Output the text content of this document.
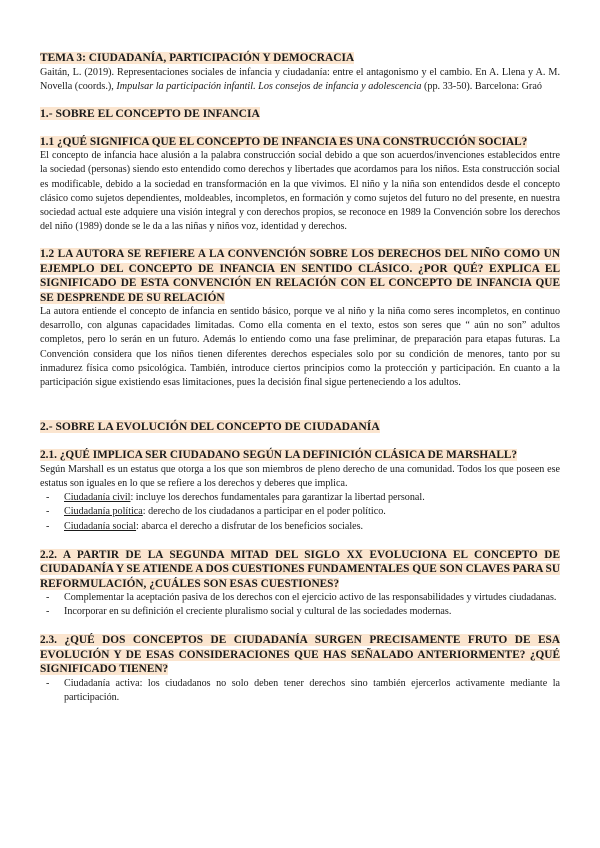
TEMA 3: CIUDADANÍA, PARTICIPACIÓN Y DEMOCRACIA

Gaitán, L. (2019). Representaciones sociales de infancia y ciudadanía: entre el antagonismo y el cambio. En A. Llena y A. M. Novella (coords.), Impulsar la participación infantil. Los consejos de infancia y adolescencia (pp. 33-50). Barcelona: Graó

1.- SOBRE EL CONCEPTO DE INFANCIA

1.1 ¿QUÉ SIGNIFICA QUE EL CONCEPTO DE INFANCIA ES UNA CONSTRUCCIÓN SOCIAL?

El concepto de infancia hace alusión a la palabra construcción social debido a que son acuerdos/invenciones establecidos entre la sociedad (personas) siendo esto entendido como derechos y libertades que acordamos para los niños. Esta construcción social es modificable, debido a la sociedad en transformación en la que vivimos. El niño y la niña son entendidos desde el concepto clásico como sujetos dependientes, moldeables, incompletos, en formación y como sujetos del futuro no del presente, en nuestra sociedad actual este adquiere una visión integral y con derechos propios, se reconoce en 1989 la Convención sobre los derechos del niño (1989) donde se le da a las niñas y niños voz, identidad y derechos.

1.2 LA AUTORA SE REFIERE A LA CONVENCIÓN SOBRE LOS DERECHOS DEL NIÑO COMO UN EJEMPLO DEL CONCEPTO DE INFANCIA EN SENTIDO CLÁSICO. ¿POR QUÉ? EXPLICA EL SIGNIFICADO DE ESTA CONVENCIÓN EN RELACIÓN CON EL CONCEPTO DE INFANCIA QUE SE DESPRENDE DE SU RELACIÓN

La autora entiende el concepto de infancia en sentido básico, porque ve al niño y la niña como seres incompletos, en continuo desarrollo, con algunas capacidades limitadas. Como ella comenta en el texto, estos son seres que “ aún no son” adultos completos, pero lo serán en un futuro. Además lo entiendo como una fase preliminar, de preparación para etapas futuras. La Convención considera que los niños tienen diferentes derechos especiales solo por su condición de menores, tanto por su inmadurez física como psicológica. También, introduce ciertos principios como la protección y participación. En cuanto a la participación sigue existiendo esas limitaciones, pues la decisión final sigue perteneciendo a los adultos.

2.- SOBRE LA EVOLUCIÓN DEL CONCEPTO DE CIUDADANÍA

2.1. ¿QUÉ IMPLICA SER CIUDADANO SEGÚN LA DEFINICIÓN CLÁSICA DE MARSHALL?

Según Marshall es un estatus que otorga a los que son miembros de pleno derecho de una comunidad. Todos los que poseen ese estatus son iguales en lo que se refiere a los derechos y deberes que implica.

- Ciudadanía civil: incluye los derechos fundamentales para garantizar la libertad personal.
- Ciudadanía política: derecho de los ciudadanos a participar en el poder político.
- Ciudadanía social: abarca el derecho a disfrutar de los beneficios sociales.

2.2. A PARTIR DE LA SEGUNDA MITAD DEL SIGLO XX EVOLUCIONA EL CONCEPTO DE CIUDADANÍA Y SE ATIENDE A DOS CUESTIONES FUNDAMENTALES QUE SON CLAVES PARA SU REFORMULACIÓN, ¿CUÁLES SON ESAS CUESTIONES?

- Complementar la aceptación pasiva de los derechos con el ejercicio activo de las responsabilidades y virtudes ciudadanas.
- Incorporar en su definición el creciente pluralismo social y cultural de las sociedades modernas.

2.3. ¿QUÉ DOS CONCEPTOS DE CIUDADANÍA SURGEN PRECISAMENTE FRUTO DE ESA EVOLUCIÓN Y DE ESAS CONSIDERACIONES QUE HAS SEÑALADO ANTERIORMENTE? ¿QUÉ SIGNIFICADO TIENEN?

- Ciudadanía activa: los ciudadanos no solo deben tener derechos sino también ejercerlos activamente mediante la participación.
